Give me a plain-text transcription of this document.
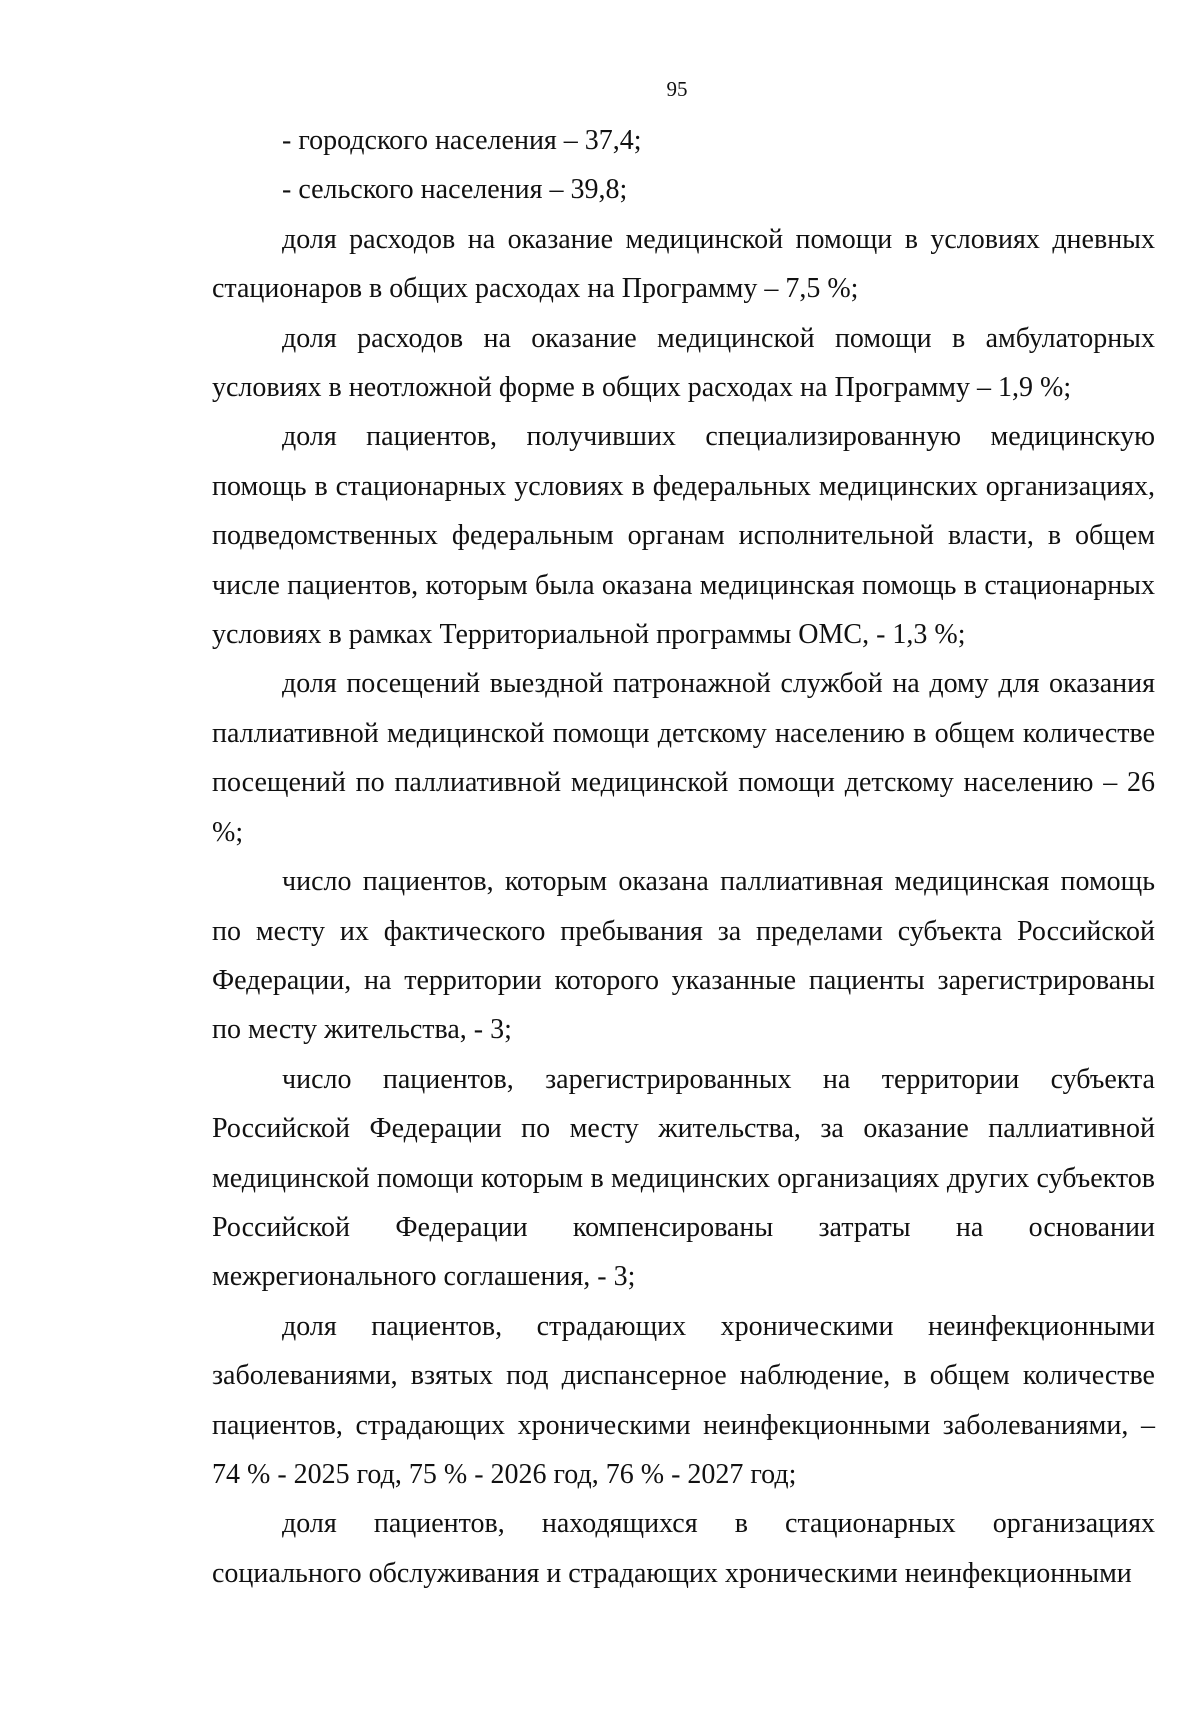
95

- городского населения – 37,4;

- сельского населения – 39,8;

доля расходов на оказание медицинской помощи в условиях дневных стационаров в общих расходах на Программу – 7,5 %;

доля расходов на оказание медицинской помощи в амбулаторных условиях в неотложной форме в общих расходах на Программу – 1,9 %;

доля пациентов, получивших специализированную медицинскую помощь в стационарных условиях в федеральных медицинских организациях, подведомственных федеральным органам исполнительной власти, в общем числе пациентов, которым была оказана медицинская помощь в стационарных условиях в рамках Территориальной программы ОМС, - 1,3 %;

доля посещений выездной патронажной службой на дому для оказания паллиативной медицинской помощи детскому населению в общем количестве посещений по паллиативной медицинской помощи детскому населению – 26 %;

число пациентов, которым оказана паллиативная медицинская помощь по месту их фактического пребывания за пределами субъекта Российской Федерации, на территории которого указанные пациенты зарегистрированы по месту жительства, - 3;

число пациентов, зарегистрированных на территории субъекта Российской Федерации по месту жительства, за оказание паллиативной медицинской помощи которым в медицинских организациях других субъектов Российской Федерации компенсированы затраты на основании межрегионального соглашения, - 3;

доля пациентов, страдающих хроническими неинфекционными заболеваниями, взятых под диспансерное наблюдение, в общем количестве пациентов, страдающих хроническими неинфекционными заболеваниями, – 74 % - 2025 год, 75 % - 2026 год, 76 % - 2027 год;

доля пациентов, находящихся в стационарных организациях социального обслуживания и страдающих хроническими неинфекционными
